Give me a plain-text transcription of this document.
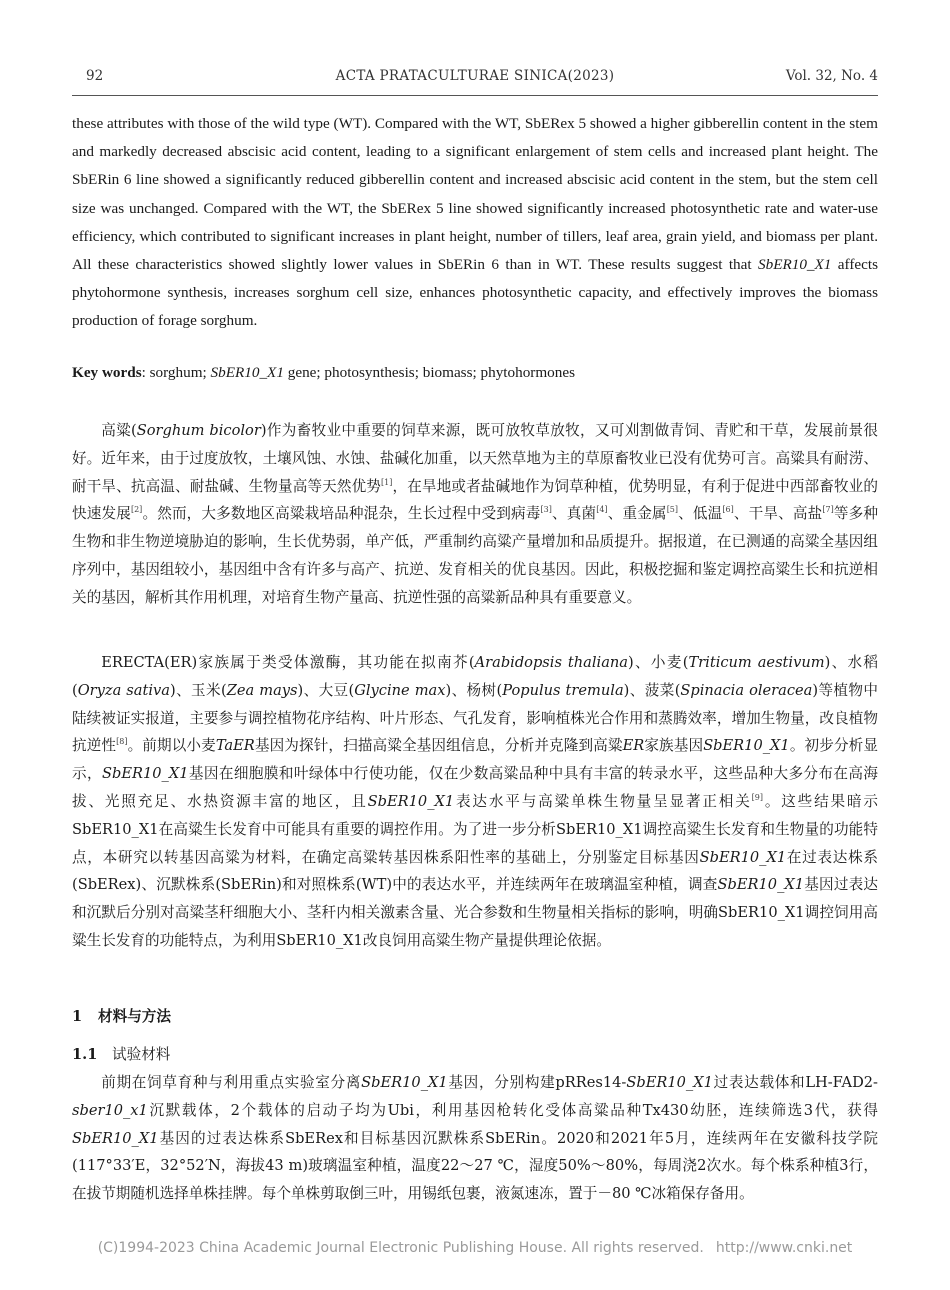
92	ACTA PRATACULTURAE SINICA(2023)	Vol. 32, No. 4

these attributes with those of the wild type (WT). Compared with the WT, SbERex 5 showed a higher gibberellin content in the stem and markedly decreased abscisic acid content, leading to a significant enlargement of stem cells and increased plant height. The SbERin 6 line showed a significantly reduced gibberellin content and increased abscisic acid content in the stem, but the stem cell size was unchanged. Compared with the WT, the SbERex 5 line showed significantly increased photosynthetic rate and water-use efficiency, which contributed to significant increases in plant height, number of tillers, leaf area, grain yield, and biomass per plant. All these characteristics showed slightly lower values in SbERin 6 than in WT. These results suggest that SbER10_X1 affects phytohormone synthesis, increases sorghum cell size, enhances photosynthetic capacity, and effectively improves the biomass production of forage sorghum.

Key words: sorghum; SbER10_X1 gene; photosynthesis; biomass; phytohormones

高粱(Sorghum bicolor)作为畜牧业中重要的饲草来源，既可放牧草放牧，又可刈割做青饲、青贮和干草，发展前景很好。近年来，由于过度放牧，土壤风蚀、水蚀、盐碱化加重，以天然草地为主的草原畜牧业已没有优势可言。高粱具有耐涝、耐干旱、抗高温、耐盐碱、生物量高等天然优势[1]，在旱地或者盐碱地作为饲草种植，优势明显，有利于促进中西部畜牧业的快速发展[2]。然而，大多数地区高粱栽培品种混杂，生长过程中受到病毒[3]、真菌[4]、重金属[5]、低温[6]、干旱、高盐[7]等多种生物和非生物逆境胁迫的影响，生长优势弱，单产低，严重制约高粱产量增加和品质提升。据报道，在已测通的高粱全基因组序列中，基因组较小，基因组中含有许多与高产、抗逆、发育相关的优良基因。因此，积极挖掘和鉴定调控高粱生长和抗逆相关的基因，解析其作用机理，对培育生物产量高、抗逆性强的高粱新品种具有重要意义。

ERECTA(ER)家族属于类受体激酶，其功能在拟南芥(Arabidopsis thaliana)、小麦(Triticum aestivum)、水稻(Oryza sativa)、玉米(Zea mays)、大豆(Glycine max)、杨树(Populus tremula)、菠菜(Spinacia oleracea)等植物中陆续被证实报道，主要参与调控植物花序结构、叶片形态、气孔发育，影响植株光合作用和蒸腾效率，增加生物量，改良植物抗逆性[8]。前期以小麦TaER基因为探针，扫描高粱全基因组信息，分析并克隆到高粱ER家族基因SbER10_X1。初步分析显示，SbER10_X1基因在细胞膜和叶绿体中行使功能，仅在少数高粱品种中具有丰富的转录水平，这些品种大多分布在高海拔、光照充足、水热资源丰富的地区，且SbER10_X1表达水平与高粱单株生物量呈显著正相关[9]。这些结果暗示SbER10_X1在高粱生长发育中可能具有重要的调控作用。为了进一步分析SbER10_X1调控高粱生长发育和生物量的功能特点，本研究以转基因高粱为材料，在确定高粱转基因株系阳性率的基础上，分别鉴定目标基因SbER10_X1在过表达株系(SbERex)、沉默株系(SbERin)和对照株系(WT)中的表达水平，并连续两年在玻璃温室种植，调查SbER10_X1基因过表达和沉默后分别对高粱茎秆细胞大小、茎秆内相关激素含量、光合参数和生物量相关指标的影响，明确SbER10_X1调控饲用高粱生长发育的功能特点，为利用SbER10_X1改良饲用高粱生物产量提供理论依据。

1 材料与方法
1.1 试验材料

前期在饲草育种与利用重点实验室分离SbER10_X1基因，分别构建pRRes14-SbER10_X1过表达载体和LH-FAD2-sber10_x1沉默载体，2个载体的启动子均为Ubi，利用基因枪转化受体高粱品种Tx430幼胚，连续筛选3代，获得SbER10_X1基因的过表达株系SbERex和目标基因沉默株系SbERin。2020和2021年5月，连续两年在安徽科技学院(117°33′E，32°52′N，海拔43 m)玻璃温室种植，温度22～27 ℃，湿度50%～80%，每周浇2次水。每个株系种植3行，在拔节期随机选择单株挂牌。每个单株剪取倒三叶，用锡纸包裹，液氮速冻，置于－80 ℃冰箱保存备用。

(C)1994-2023 China Academic Journal Electronic Publishing House. All rights reserved. http://www.cnki.net
